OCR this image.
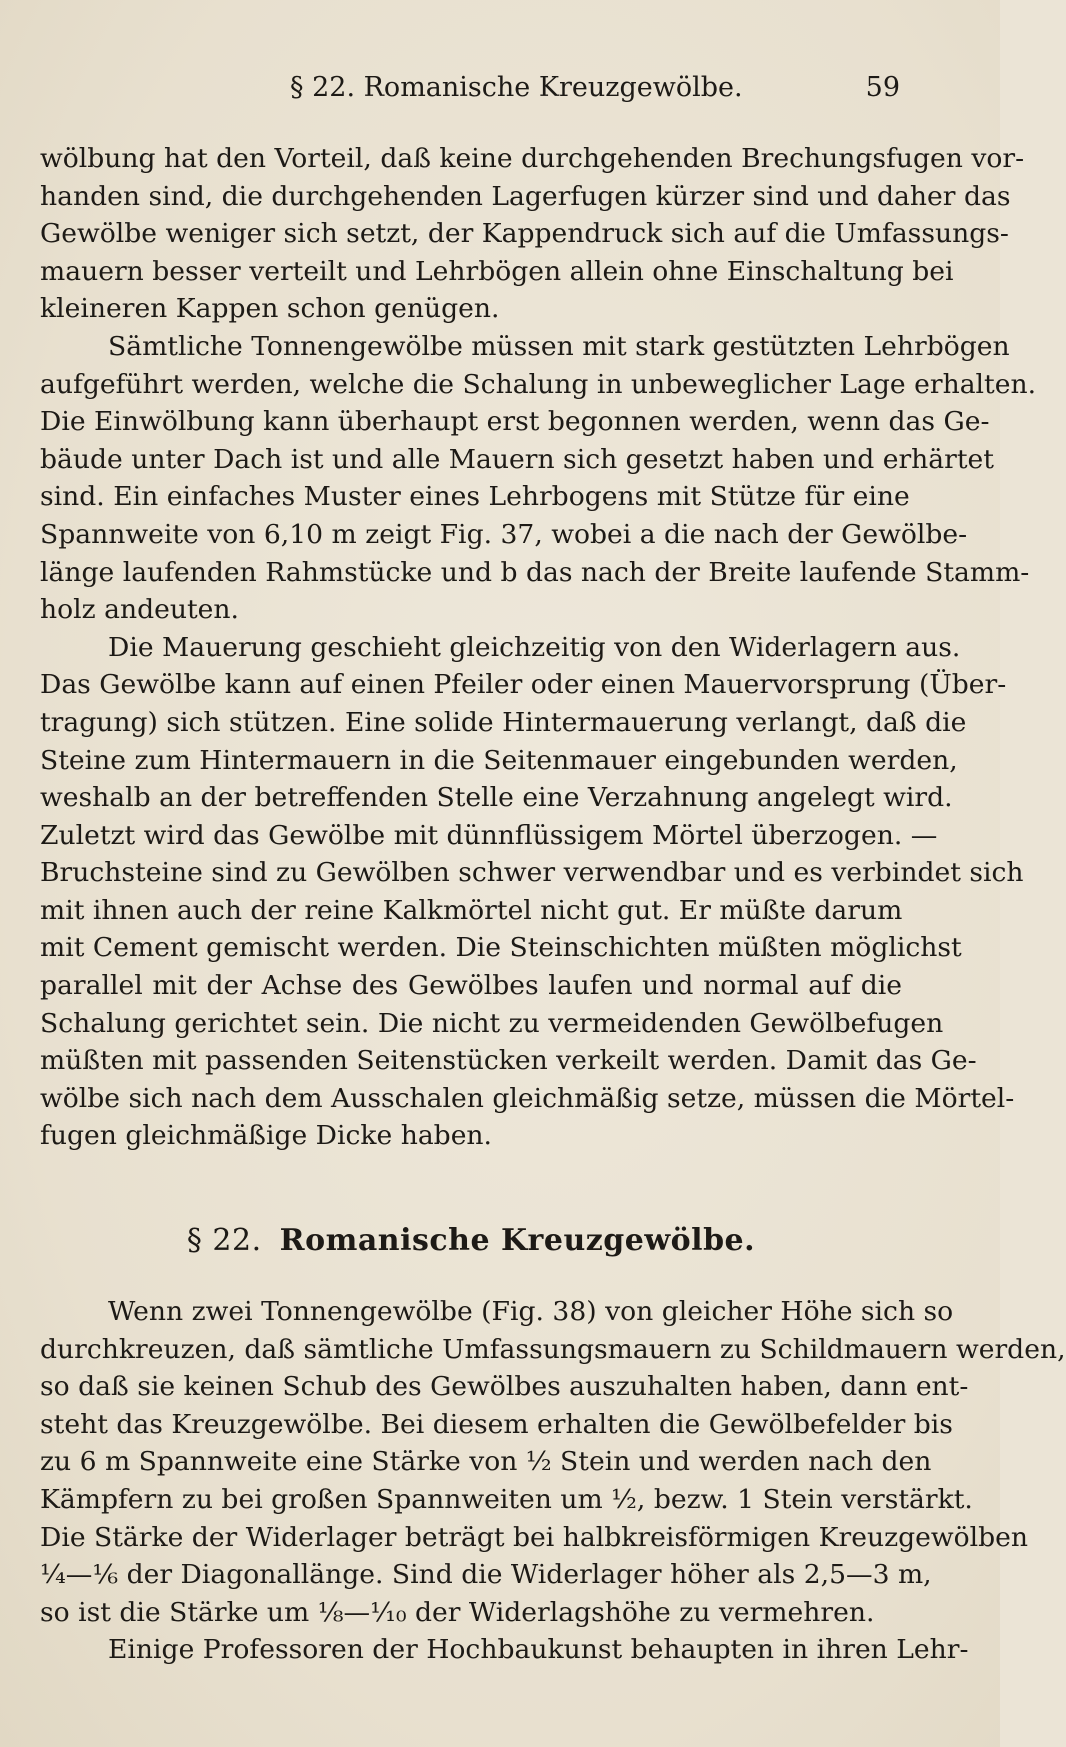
§ 22. Romanische Kreuzgewölbe.	59
wölbung hat den Vorteil, daß keine durchgehenden Brechungsfugen vor-
handen sind, die durchgehenden Lagerfugen kürzer sind und daher das
Gewölbe weniger sich setzt, der Kappendruck sich auf die Umfassungs-
mauern besser verteilt und Lehrbögen allein ohne Einschaltung bei
kleineren Kappen schon genügen.
Sämtliche Tonnengewölbe müssen mit stark gestützten Lehrbögen
aufgeführt werden, welche die Schalung in unbeweglicher Lage erhalten.
Die Einwölbung kann überhaupt erst begonnen werden, wenn das Ge-
bäude unter Dach ist und alle Mauern sich gesetzt haben und erhärtet
sind. Ein einfaches Muster eines Lehrbogens mit Stütze für eine
Spannweite von 6,10 m zeigt Fig. 37, wobei a die nach der Gewölbe-
länge laufenden Rahmstücke und b das nach der Breite laufende Stamm-
holz andeuten.
Die Mauerung geschieht gleichzeitig von den Widerlagern aus.
Das Gewölbe kann auf einen Pfeiler oder einen Mauervorsprung (Über-
tragung) sich stützen. Eine solide Hintermauerung verlangt, daß die
Steine zum Hintermauern in die Seitenmauer eingebunden werden,
weshalb an der betreffenden Stelle eine Verzahnung angelegt wird.
Zuletzt wird das Gewölbe mit dünnflüssigem Mörtel überzogen. —
Bruchsteine sind zu Gewölben schwer verwendbar und es verbindet sich
mit ihnen auch der reine Kalkmörtel nicht gut. Er müßte darum
mit Cement gemischt werden. Die Steinschichten müßten möglichst
parallel mit der Achse des Gewölbes laufen und normal auf die
Schalung gerichtet sein. Die nicht zu vermeidenden Gewölbefugen
müßten mit passenden Seitenstücken verkeilt werden. Damit das Ge-
wölbe sich nach dem Ausschalen gleichmäßig setze, müssen die Mörtel-
fugen gleichmäßige Dicke haben.
§ 22. Romanische Kreuzgewölbe.
Wenn zwei Tonnengewölbe (Fig. 38) von gleicher Höhe sich so
durchkreuzen, daß sämtliche Umfassungsmauern zu Schildmauern werden,
so daß sie keinen Schub des Gewölbes auszuhalten haben, dann ent-
steht das Kreuzgewölbe. Bei diesem erhalten die Gewölbefelder bis
zu 6 m Spannweite eine Stärke von ½ Stein und werden nach den
Kämpfern zu bei großen Spannweiten um ½, bezw. 1 Stein verstärkt.
Die Stärke der Widerlager beträgt bei halbkreisförmigen Kreuzgewölben
¼—⅙ der Diagonallänge. Sind die Widerlager höher als 2,5—3 m,
so ist die Stärke um ⅛—⅒ der Widerlagshöhe zu vermehren.
Einige Professoren der Hochbaukunst behaupten in ihren Lehr-
